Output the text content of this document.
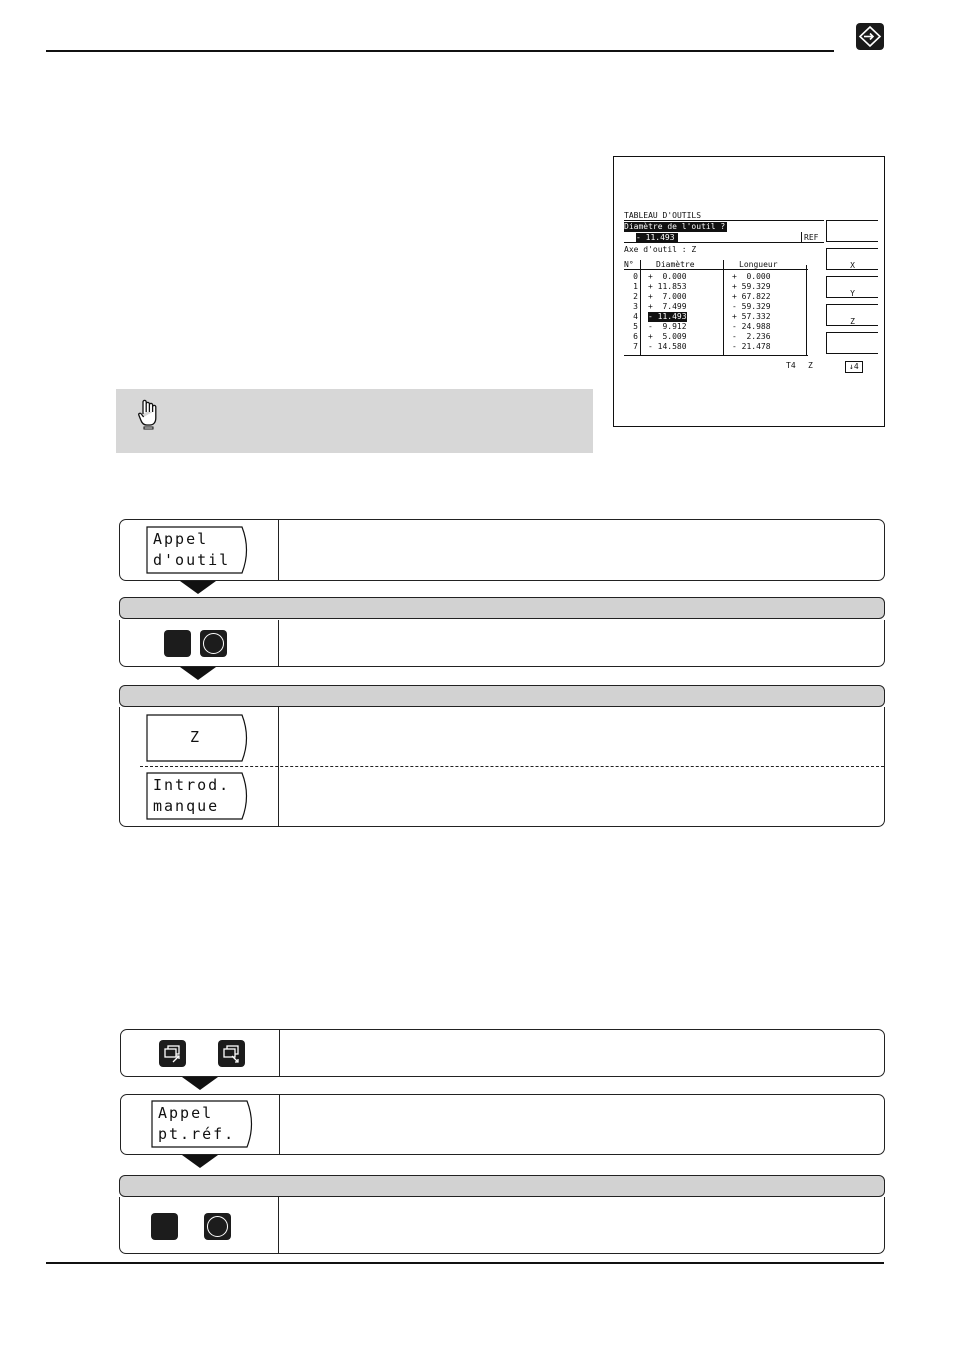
TABLEAU D'OUTILS
Diamètre de l'outil ?
- 11.493	REF
Axe d'outil : Z
N°	Diamètre	Longueur
0 +  0.000	+  0.000
1 + 11.853	+ 59.329
2 +  7.000	+ 67.822
3 +  7.499	- 59.329
4 - 11.493	+ 57.332
5 -  9.912	- 24.988
6 +  5.009	-  2.236
7 - 14.580	- 21.478
X
Y
Z
T4 Z	↓4
Appel
d'outil
Z
Introd.
manque
Appel
pt.réf.
